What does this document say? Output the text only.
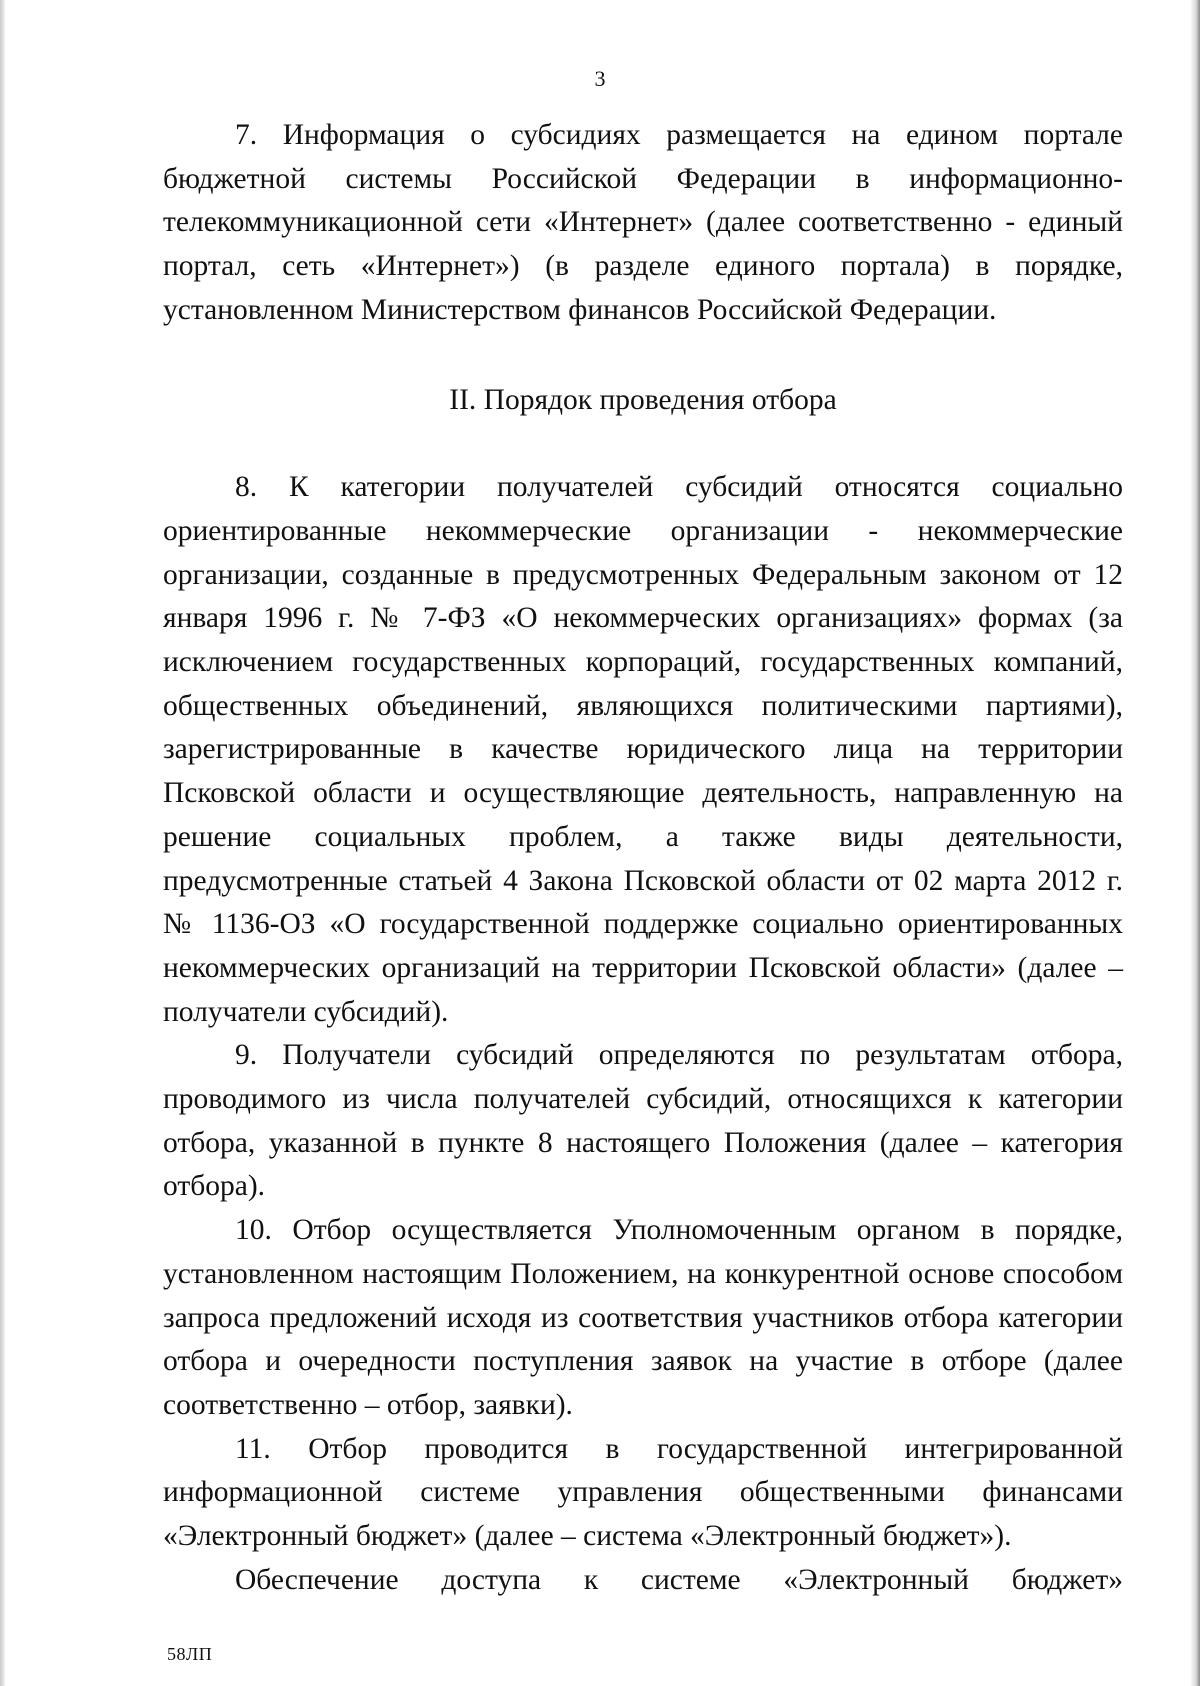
3

7. Информация о субсидиях размещается на едином портале бюджетной системы Российской Федерации в информационно-телекоммуникационной сети «Интернет» (далее соответственно - единый портал, сеть «Интернет») (в разделе единого портала) в порядке, установленном Министерством финансов Российской Федерации.

II. Порядок проведения отбора

8. К категории получателей субсидий относятся социально ориентированные некоммерческие организации - некоммерческие организации, созданные в предусмотренных Федеральным законом от 12 января 1996 г. № 7-ФЗ «О некоммерческих организациях» формах (за исключением государственных корпораций, государственных компаний, общественных объединений, являющихся политическими партиями), зарегистрированные в качестве юридического лица на территории Псковской области и осуществляющие деятельность, направленную на решение социальных проблем, а также виды деятельности, предусмотренные статьей 4 Закона Псковской области от 02 марта 2012 г. № 1136-ОЗ «О государственной поддержке социально ориентированных некоммерческих организаций на территории Псковской области» (далее – получатели субсидий).

9. Получатели субсидий определяются по результатам отбора, проводимого из числа получателей субсидий, относящихся к категории отбора, указанной в пункте 8 настоящего Положения (далее – категория отбора).

10. Отбор осуществляется Уполномоченным органом в порядке, установленном настоящим Положением, на конкурентной основе способом запроса предложений исходя из соответствия участников отбора категории отбора и очередности поступления заявок на участие в отборе (далее соответственно – отбор, заявки).

11. Отбор проводится в государственной интегрированной информационной системе управления общественными финансами «Электронный бюджет» (далее – система «Электронный бюджет»).

Обеспечение доступа к системе «Электронный бюджет»

58ЛП
